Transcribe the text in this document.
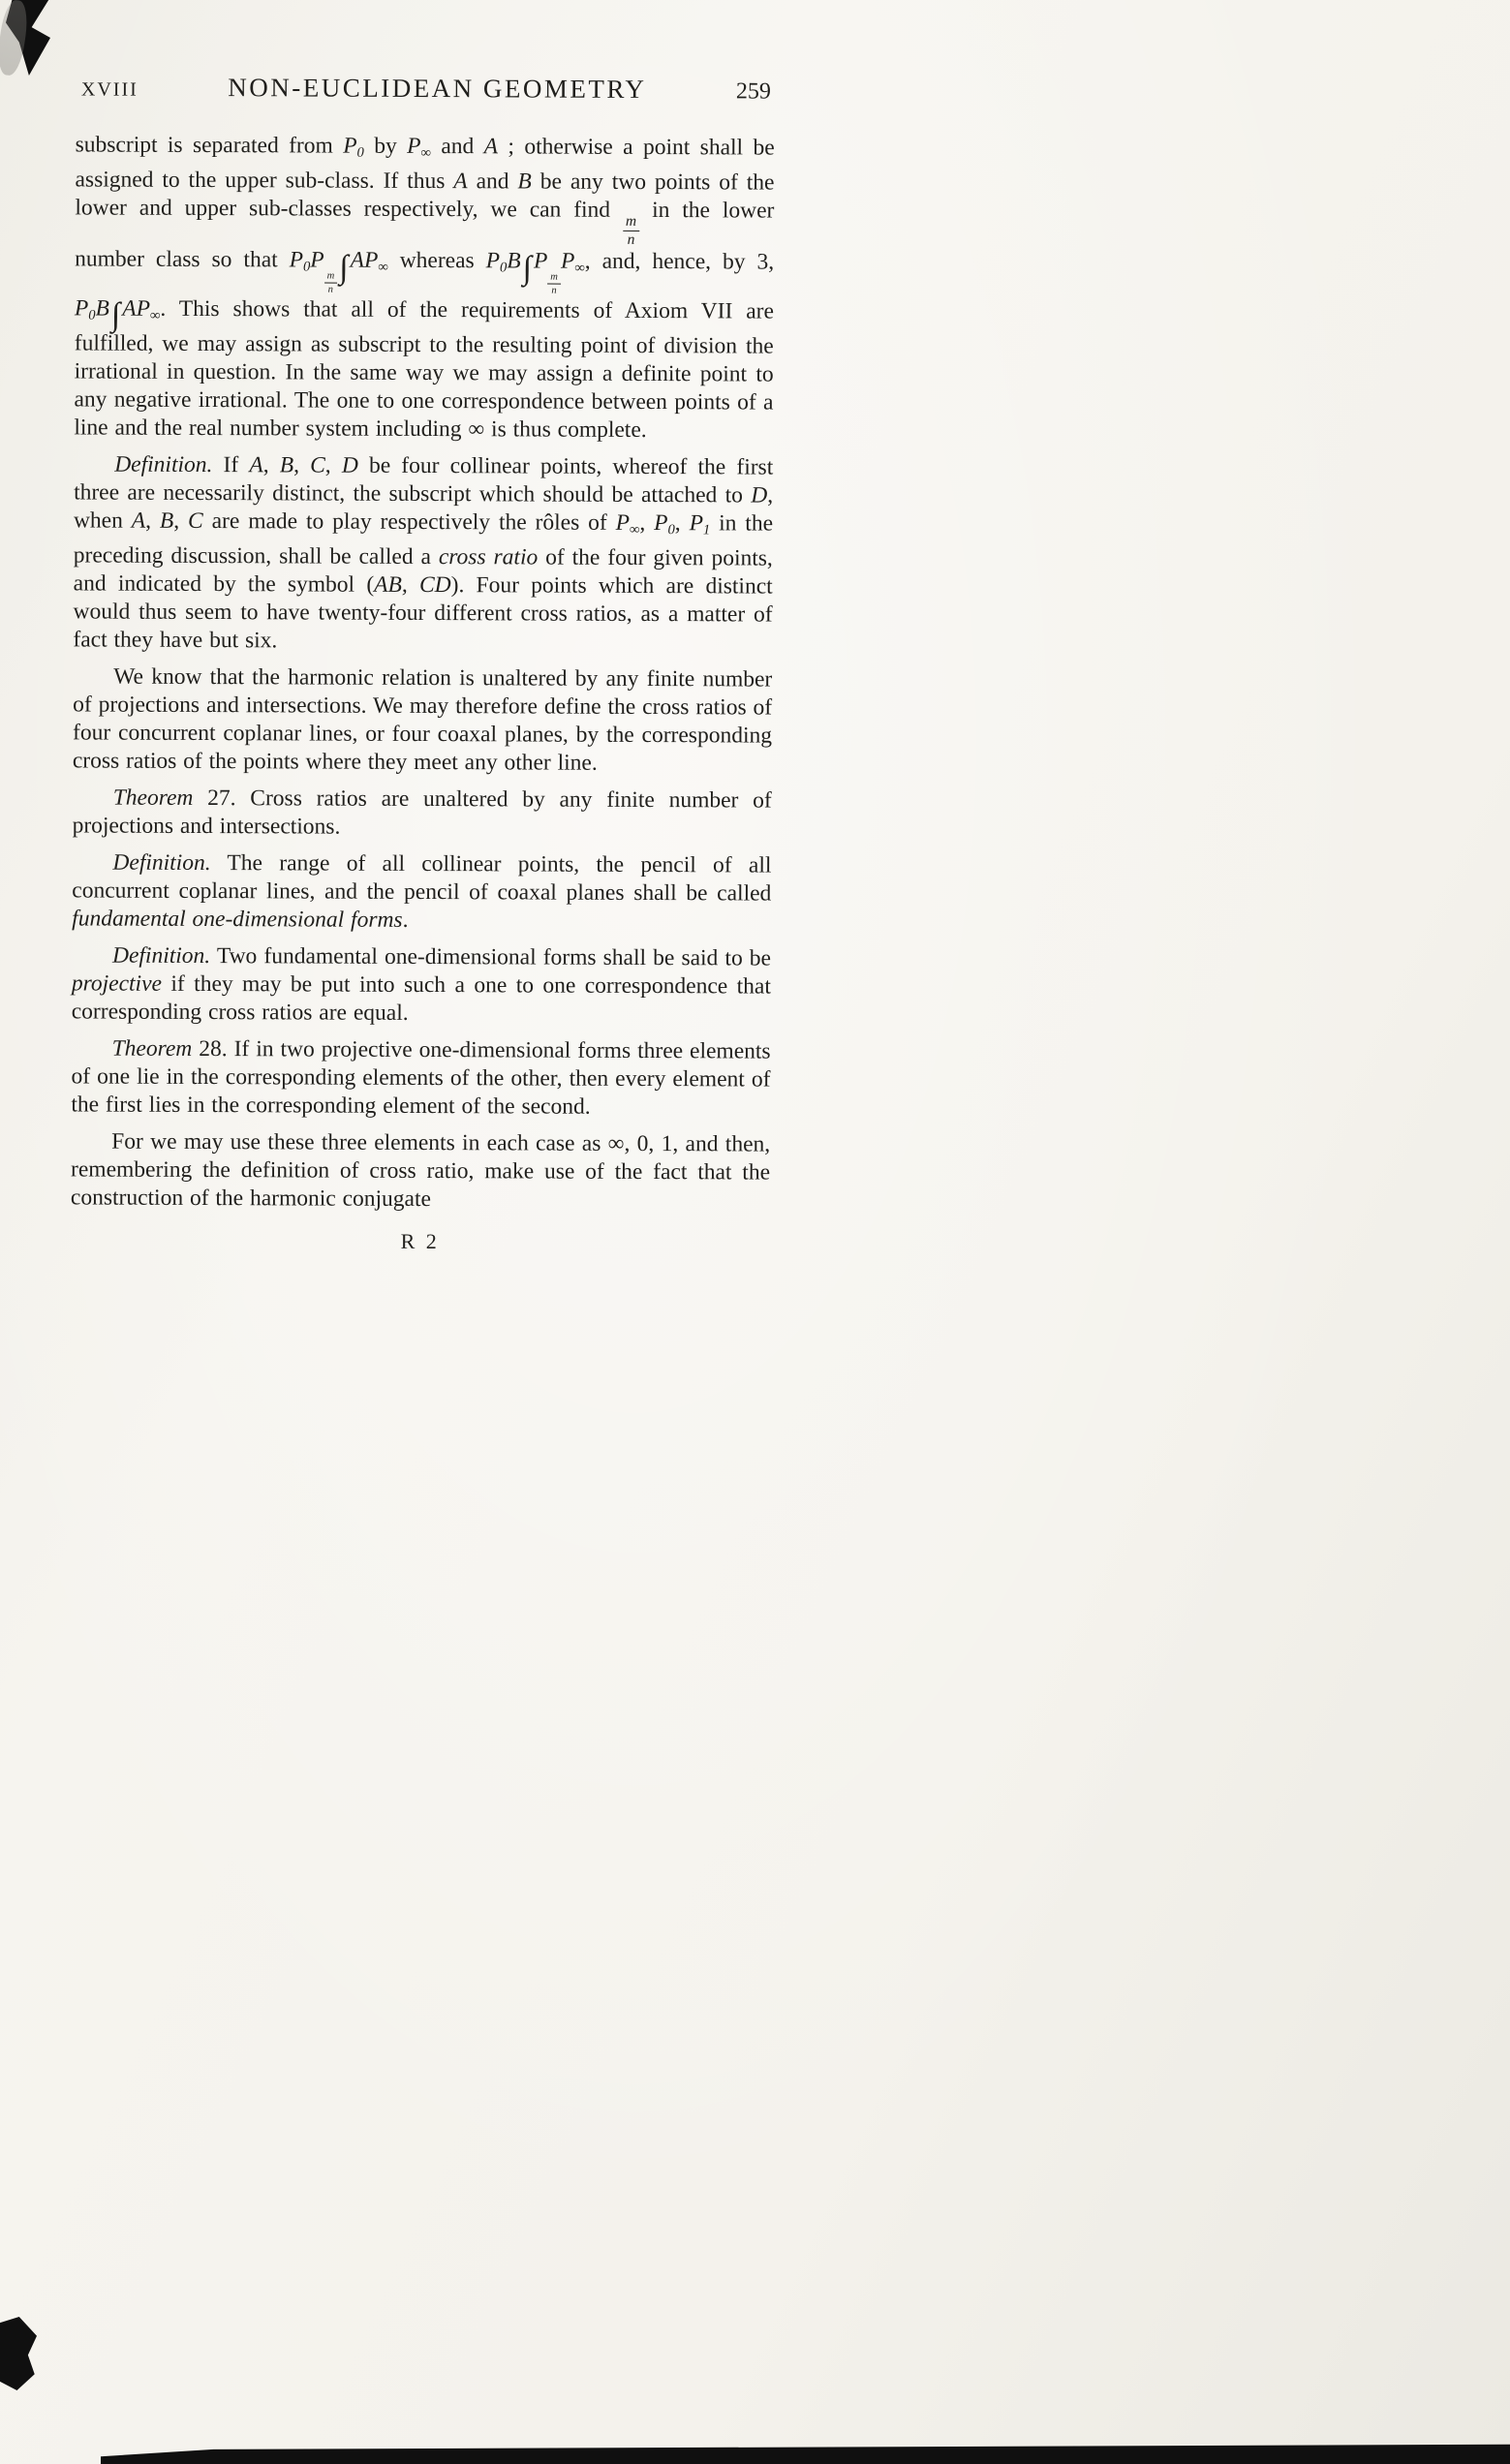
XVIII	NON-EUCLIDEAN GEOMETRY	259

subscript is separated from $P_0$ by $P_\infty$ and A ; otherwise a point shall be assigned to the upper sub-class. If thus A and B be any two points of the lower and upper sub-classes respectively, we can find
$\frac{m}{n}$
in the lower number class so that $P_0P$
$\frac{m}{n} \int AP_\infty$ whereas $P_0B\int P$
$\frac{m}{n}$
$P_\infty$, and, hence, by 3, $P_0B\int AP_\infty$. This shows that all of the requirements of Axiom VII are fulfilled, we may assign as subscript to the resulting point of division the irrational in question. In the same way we may assign a definite point to any negative irrational. The one to one correspondence between points of a line and the real number system including ∞ is thus complete.

Definition. If A, B, C, D be four collinear points, whereof the first three are necessarily distinct, the subscript which should be attached to D, when A, B, C are made to play respectively the rôles of $P_\infty$, $P_0$, $P_1$ in the preceding discussion, shall be called a cross ratio of the four given points, and indicated by the symbol (AB, CD). Four points which are distinct would thus seem to have twenty-four different cross ratios, as a matter of fact they have but six.

We know that the harmonic relation is unaltered by any finite number of projections and intersections. We may therefore define the cross ratios of four concurrent coplanar lines, or four coaxal planes, by the corresponding cross ratios of the points where they meet any other line.

Theorem 27. Cross ratios are unaltered by any finite number of projections and intersections.

Definition. The range of all collinear points, the pencil of all concurrent coplanar lines, and the pencil of coaxal planes shall be called fundamental one-dimensional forms.

Definition. Two fundamental one-dimensional forms shall be said to be projective if they may be put into such a one to one correspondence that corresponding cross ratios are equal.

Theorem 28. If in two projective one-dimensional forms three elements of one lie in the corresponding elements of the other, then every element of the first lies in the corresponding element of the second.

For we may use these three elements in each case as ∞, 0, 1, and then, remembering the definition of cross ratio, make use of the fact that the construction of the harmonic conjugate

R 2
